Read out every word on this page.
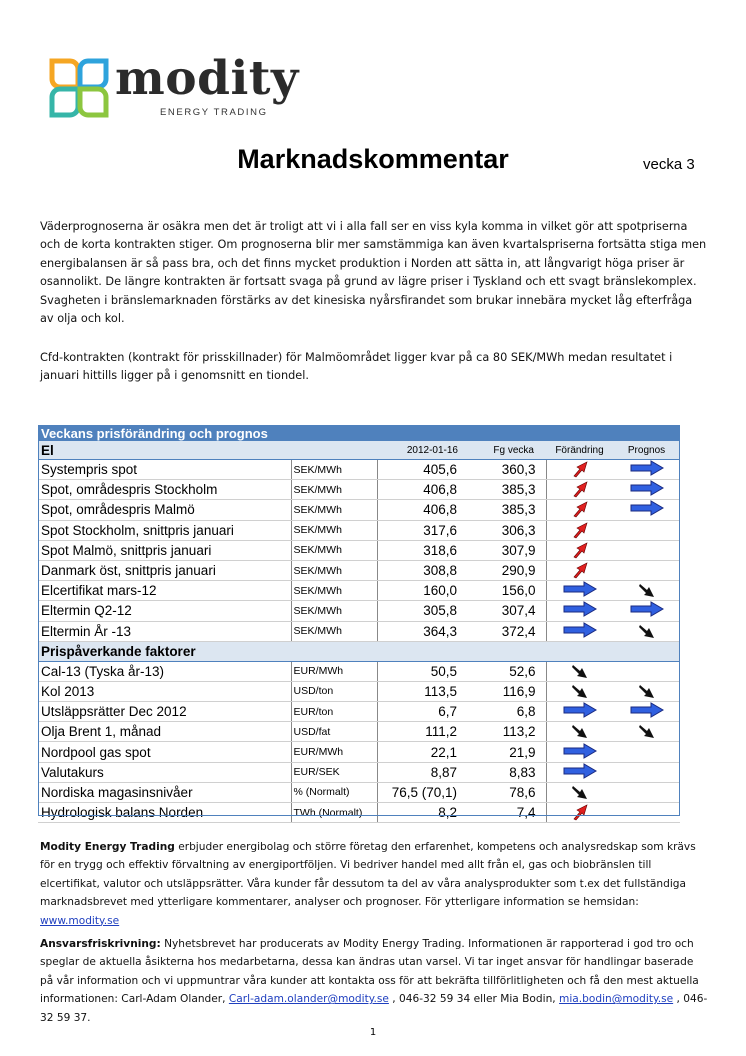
modity
ENERGY TRADING
Marknadskommentar	vecka 3
Väderprognoserna är osäkra men det är troligt att vi i alla fall ser en viss kyla komma in vilket gör att spotpriserna och de korta kontrakten stiger. Om prognoserna blir mer samstämmiga kan även kvartalspriserna fortsätta stiga men energibalansen är så pass bra, och det finns mycket produktion i Norden att sätta in, att långvarigt höga priser är osannolikt. De längre kontrakten är fortsatt svaga på grund av lägre priser i Tyskland och ett svagt bränslekomplex. Svagheten i bränslemarknaden förstärks av det kinesiska nyårsfirandet som brukar innebära mycket låg efterfråga av olja och kol.
Cfd-kontrakten (kontrakt för prisskillnader) för Malmöområdet ligger kvar på ca 80 SEK/MWh medan resultatet i januari hittills ligger på i genomsnitt en tiondel.
Veckans prisförändring och prognos					
El		2012-01-16	Fg vecka	Förändring	Prognos
Systempris spot	SEK/MWh	405,6	360,3	

Spot, områdespris Stockholm	SEK/MWh	406,8	385,3	

Spot, områdespris Malmö	SEK/MWh	406,8	385,3	

Spot Stockholm, snittpris januari	SEK/MWh	317,6	306,3	

Spot Malmö, snittpris januari	SEK/MWh	318,6	307,9	

Danmark öst, snittpris januari	SEK/MWh	308,8	290,9	

Elcertifikat mars-12	SEK/MWh	160,0	156,0	

Eltermin Q2-12	SEK/MWh	305,8	307,4	

Eltermin År -13	SEK/MWh	364,3	372,4	

Prispåverkande faktorer					
Cal-13 (Tyska år-13)	EUR/MWh	50,5	52,6	

Kol 2013	USD/ton	113,5	116,9	

Utsläppsrätter Dec 2012	EUR/ton	6,7	6,8	

Olja Brent 1, månad	USD/fat	111,2	113,2	

Nordpool gas spot	EUR/MWh	22,1	21,9	

Valutakurs	EUR/SEK	8,87	8,83	

Nordiska magasinsnivåer	% (Normalt)	76,5 (70,1)	78,6	

Hydrologisk balans Norden	TWh (Normalt)	8,2	7,4	

Modity Energy Trading erbjuder energibolag och större företag den erfarenhet, kompetens och analysredskap som krävs för en trygg och effektiv förvaltning av energiportföljen. Vi bedriver handel med allt från el, gas och biobränslen till elcertifikat, valutor och utsläppsrätter. Våra kunder får dessutom ta del av våra analysprodukter som t.ex det fullständiga marknadsbrevet med ytterligare kommentarer, analyser och prognoser. För ytterligare information se hemsidan: www.modity.se
Ansvarsfriskrivning: Nyhetsbrevet har producerats av Modity Energy Trading. Informationen är rapporterad i god tro och speglar de aktuella åsikterna hos medarbetarna, dessa kan ändras utan varsel. Vi tar inget ansvar för handlingar baserade på vår information och vi uppmuntrar våra kunder att kontakta oss för att bekräfta tillförlitligheten och få den mest aktuella informationen: Carl-Adam Olander, Carl-adam.olander@modity.se , 046-32 59 34 eller Mia Bodin, mia.bodin@modity.se , 046-32 59 37.
1
